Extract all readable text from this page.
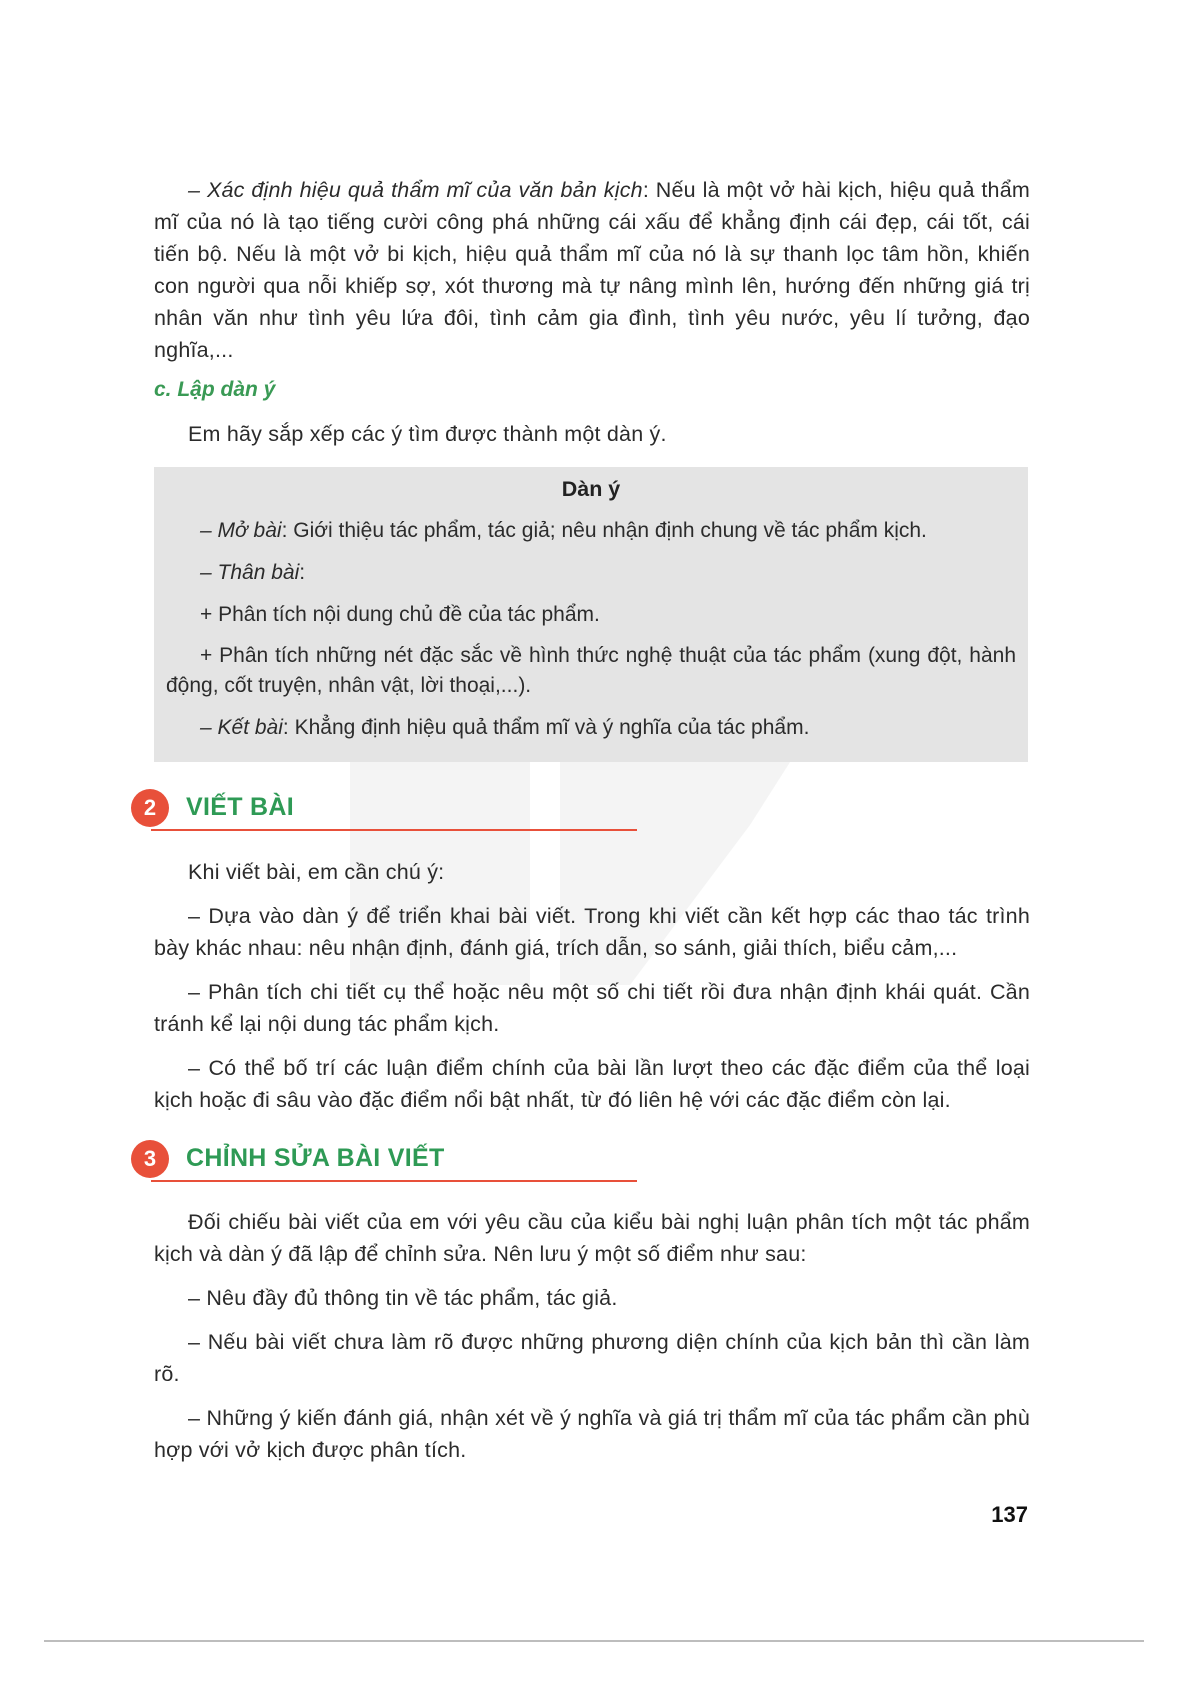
– Xác định hiệu quả thẩm mĩ của văn bản kịch: Nếu là một vở hài kịch, hiệu quả thẩm mĩ của nó là tạo tiếng cười công phá những cái xấu để khẳng định cái đẹp, cái tốt, cái tiến bộ. Nếu là một vở bi kịch, hiệu quả thẩm mĩ của nó là sự thanh lọc tâm hồn, khiến con người qua nỗi khiếp sợ, xót thương mà tự nâng mình lên, hướng đến những giá trị nhân văn như tình yêu lứa đôi, tình cảm gia đình, tình yêu nước, yêu lí tưởng, đạo nghĩa,...

c. Lập dàn ý

Em hãy sắp xếp các ý tìm được thành một dàn ý.

Dàn ý

– Mở bài: Giới thiệu tác phẩm, tác giả; nêu nhận định chung về tác phẩm kịch.

– Thân bài:

+ Phân tích nội dung chủ đề của tác phẩm.

+ Phân tích những nét đặc sắc về hình thức nghệ thuật của tác phẩm (xung đột, hành động, cốt truyện, nhân vật, lời thoại,...).

– Kết bài: Khẳng định hiệu quả thẩm mĩ và ý nghĩa của tác phẩm.

2	VIẾT BÀI

Khi viết bài, em cần chú ý:

– Dựa vào dàn ý để triển khai bài viết. Trong khi viết cần kết hợp các thao tác trình bày khác nhau: nêu nhận định, đánh giá, trích dẫn, so sánh, giải thích, biểu cảm,...

– Phân tích chi tiết cụ thể hoặc nêu một số chi tiết rồi đưa nhận định khái quát. Cần tránh kể lại nội dung tác phẩm kịch.

– Có thể bố trí các luận điểm chính của bài lần lượt theo các đặc điểm của thể loại kịch hoặc đi sâu vào đặc điểm nổi bật nhất, từ đó liên hệ với các đặc điểm còn lại.

3	CHỈNH SỬA BÀI VIẾT

Đối chiếu bài viết của em với yêu cầu của kiểu bài nghị luận phân tích một tác phẩm kịch và dàn ý đã lập để chỉnh sửa. Nên lưu ý một số điểm như sau:

– Nêu đầy đủ thông tin về tác phẩm, tác giả.

– Nếu bài viết chưa làm rõ được những phương diện chính của kịch bản thì cần làm rõ.

– Những ý kiến đánh giá, nhận xét về ý nghĩa và giá trị thẩm mĩ của tác phẩm cần phù hợp với vở kịch được phân tích.

137
